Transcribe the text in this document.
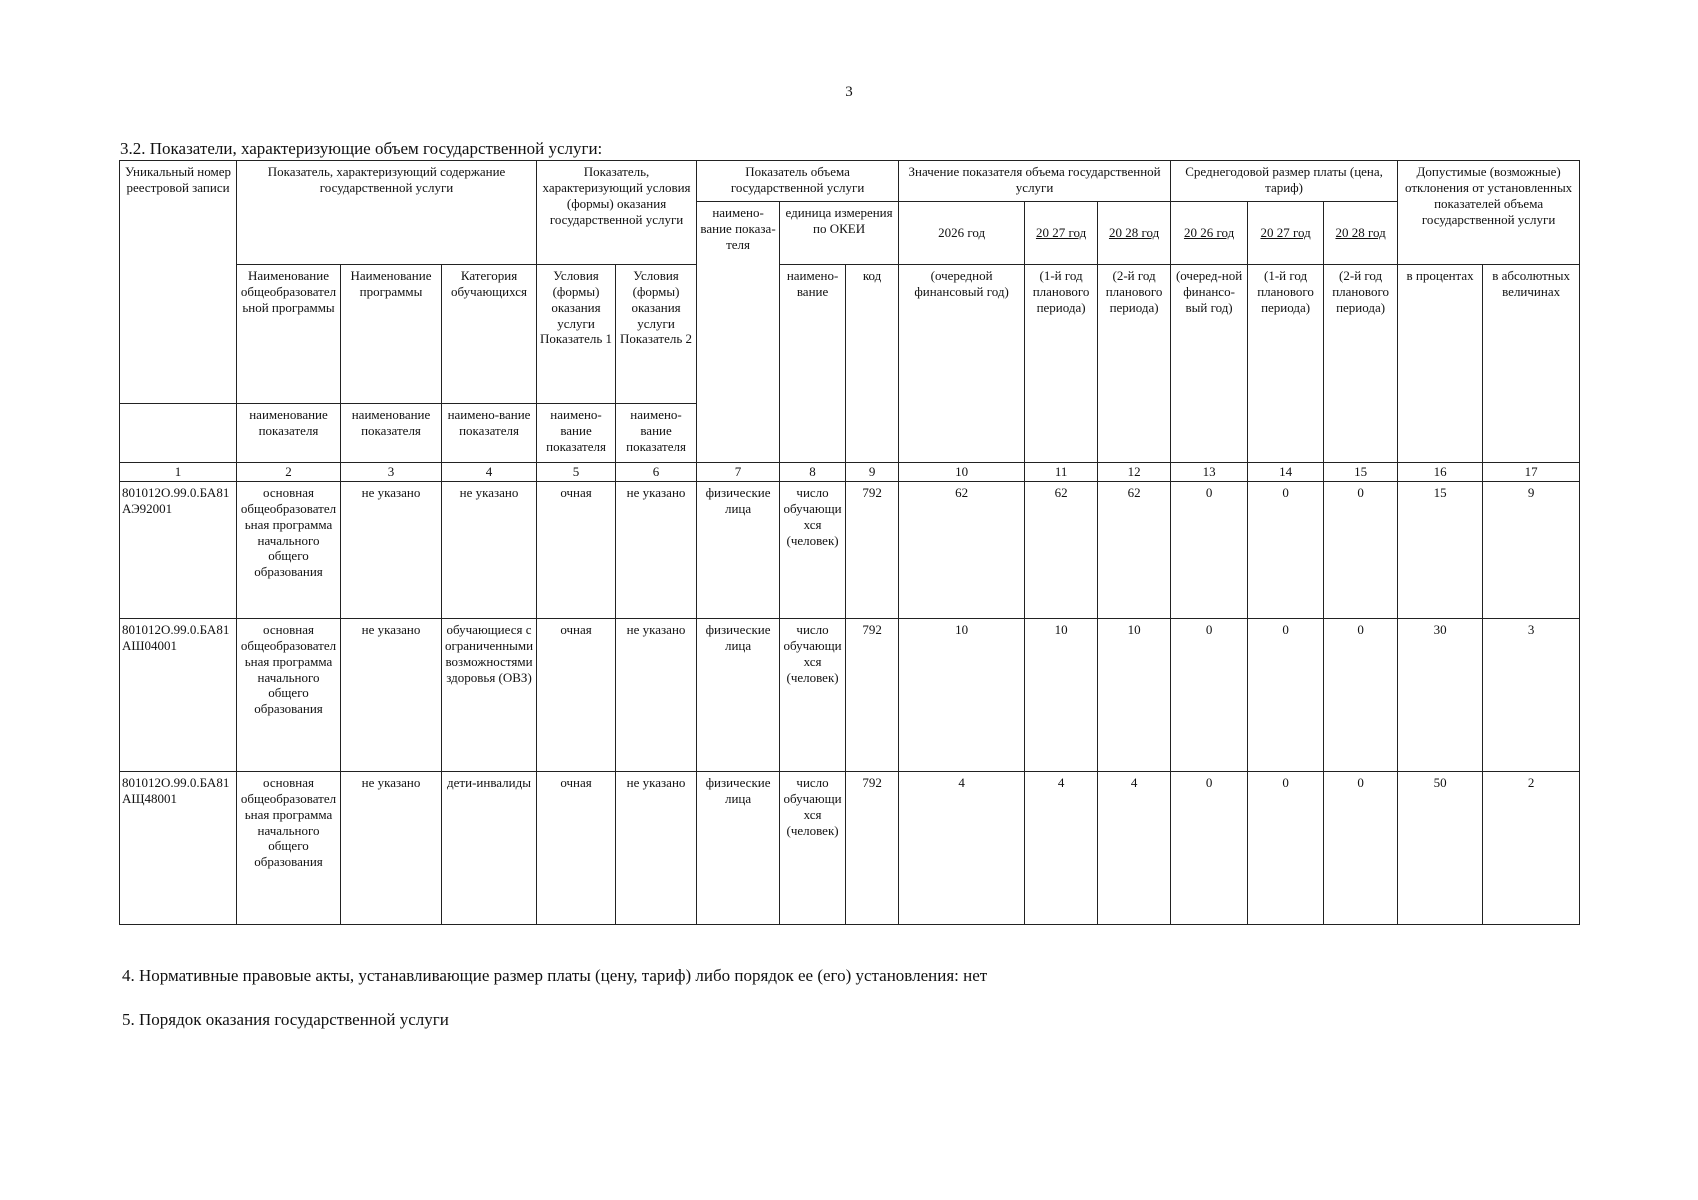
3
3.2. Показатели, характеризующие объем государственной услуги:
Уникальный номер реестровой записи	Показатель, характеризующий содержание государственной услуги			Показатель, характеризующий условия (формы) оказания государственной услуги		Показатель объема государственной услуги			Значение показателя объема государственной услуги			Среднегодовой размер платы (цена, тариф)			Допустимые (возможные) отклонения от установленных показателей объема государственной услуги	
						наимено-вание показа-теля	единица измерения по ОКЕИ		2026 год	20 27 год	20 28 год	20 26 год	20 27 год	20 28 год		
	Наименование общеобразовательной программы	Наименование программы	Категория обучающихся	Условия (формы) оказания услуги Показатель 1	Условия (формы) оказания услуги Показатель 2		наимено-вание	код	(очередной финансовый год)	(1-й год планового периода)	(2-й год планового периода)	(очеред-ной финансо-вый год)	(1-й год планового периода)	(2-й год планового периода)	в процентах	в абсолютных величинах
	наименование показателя	наименование показателя	наимено-вание показателя	наимено-вание показателя	наимено-вание показателя											
1	2	3	4	5	6	7	8	9	10	11	12	13	14	15	16	17
801012О.99.0.БА81АЭ92001	основная общеобразовательная программа начального общего образования	не указано	не указано	очная	не указано	физические лица	число обучающихся (человек)	792	62	62	62	0	0	0	15	9
801012О.99.0.БА81АШ04001	основная общеобразовательная программа начального общего образования	не указано	обучающиеся с ограниченными возможностями здоровья (ОВЗ)	очная	не указано	физические лица	число обучающихся (человек)	792	10	10	10	0	0	0	30	3
801012О.99.0.БА81АЩ48001	основная общеобразовательная программа начального общего образования	не указано	дети-инвалиды	очная	не указано	физические лица	число обучающихся (человек)	792	4	4	4	0	0	0	50	2
4. Нормативные правовые акты, устанавливающие размер платы (цену, тариф) либо порядок ее (его) установления: нет
5. Порядок оказания государственной услуги
